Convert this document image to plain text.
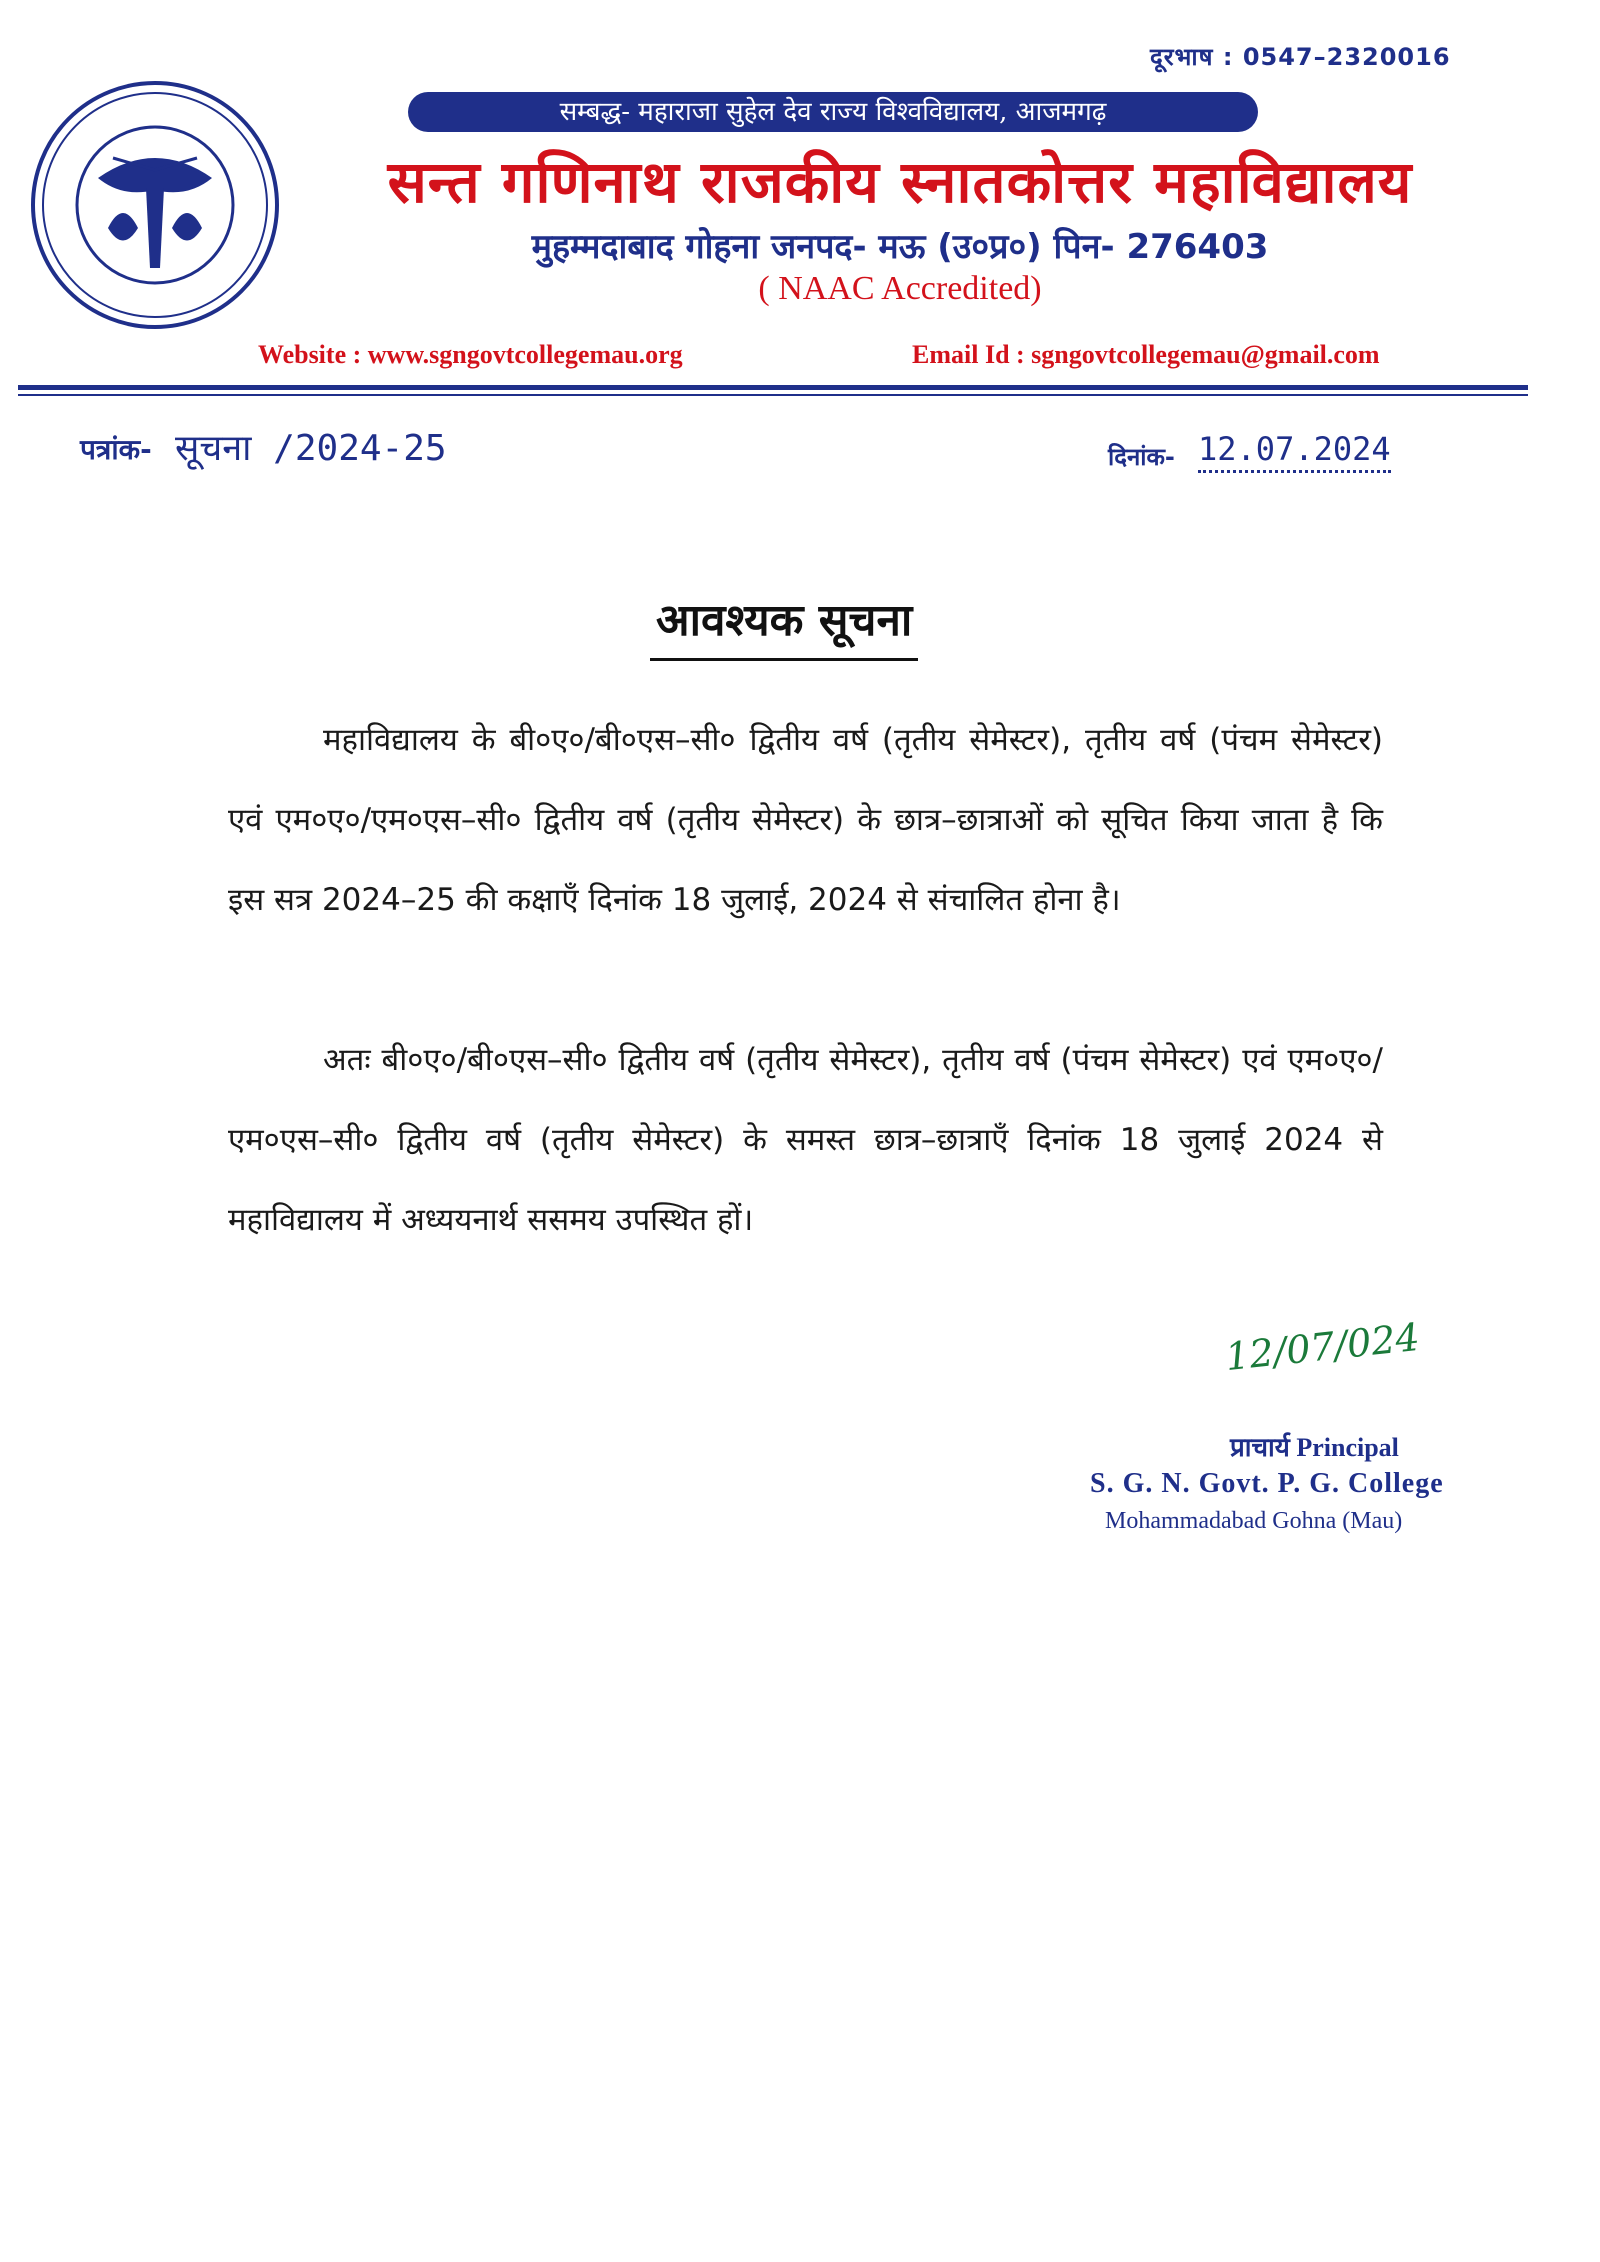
दूरभाष : 0547–2320016
सम्बद्ध- महाराजा सुहेल देव राज्य विश्वविद्यालय, आजमगढ़
सन्त गणिनाथ राजकीय स्नातकोत्तर महाविद्यालय
मुहम्मदाबाद गोहना जनपद- मऊ (उ०प्र०) पिन- 276403
( NAAC Accredited)
Website : www.sgngovtcollegemau.org	Email Id : sgngovtcollegemau@gmail.com
पत्रांक- सूचना /2024-25	दिनांक- 12.07.2024
आवश्यक सूचना
महाविद्यालय के बी०ए०/बी०एस–सी० द्वितीय वर्ष (तृतीय सेमेस्टर), तृतीय वर्ष (पंचम सेमेस्टर) एवं एम०ए०/एम०एस–सी० द्वितीय वर्ष (तृतीय सेमेस्टर) के छात्र–छात्राओं को सूचित किया जाता है कि इस सत्र 2024–25 की कक्षाएँ दिनांक 18 जुलाई, 2024 से संचालित होना है।
अतः बी०ए०/बी०एस–सी० द्वितीय वर्ष (तृतीय सेमेस्टर), तृतीय वर्ष (पंचम सेमेस्टर) एवं एम०ए०/एम०एस–सी० द्वितीय वर्ष (तृतीय सेमेस्टर) के समस्त छात्र–छात्राएँ दिनांक 18 जुलाई 2024 से महाविद्यालय में अध्ययनार्थ ससमय उपस्थित हों।
12/07/024
प्राचार्य Principal
S. G. N. Govt. P. G. College
Mohammadabad Gohna (Mau)
